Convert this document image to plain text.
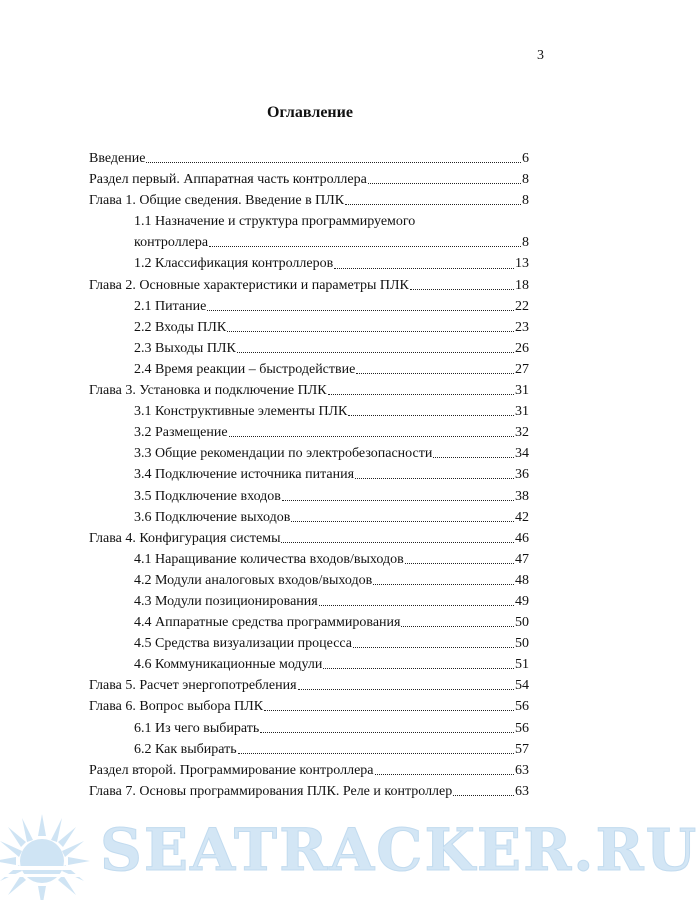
3
Оглавление
Введение	6
Раздел первый. Аппаратная часть контроллера	8
Глава 1. Общие сведения. Введение в ПЛК	8
1.1 Назначение и структура программируемого
контроллера	8
1.2 Классификация контроллеров	13
Глава 2. Основные характеристики и параметры ПЛК	18
2.1 Питание	22
2.2 Входы ПЛК	23
2.3 Выходы ПЛК	26
2.4 Время реакции – быстродействие	27
Глава 3. Установка и подключение ПЛК	31
3.1 Конструктивные элементы ПЛК	31
3.2 Размещение	32
3.3 Общие рекомендации по электробезопасности	34
3.4 Подключение источника питания	36
3.5 Подключение входов	38
3.6 Подключение выходов	42
Глава 4. Конфигурация системы	46
4.1 Наращивание количества входов/выходов	47
4.2 Модули аналоговых входов/выходов	48
4.3 Модули позиционирования	49
4.4 Аппаратные средства программирования	50
4.5 Средства визуализации процесса	50
4.6 Коммуникационные модули	51
Глава 5. Расчет энергопотребления	54
Глава 6. Вопрос выбора ПЛК	56
6.1 Из чего выбирать	56
6.2 Как выбирать	57
Раздел второй. Программирование контроллера	63
Глава 7. Основы программирования ПЛК. Реле и контроллер	63
SEATRACKER.RU
